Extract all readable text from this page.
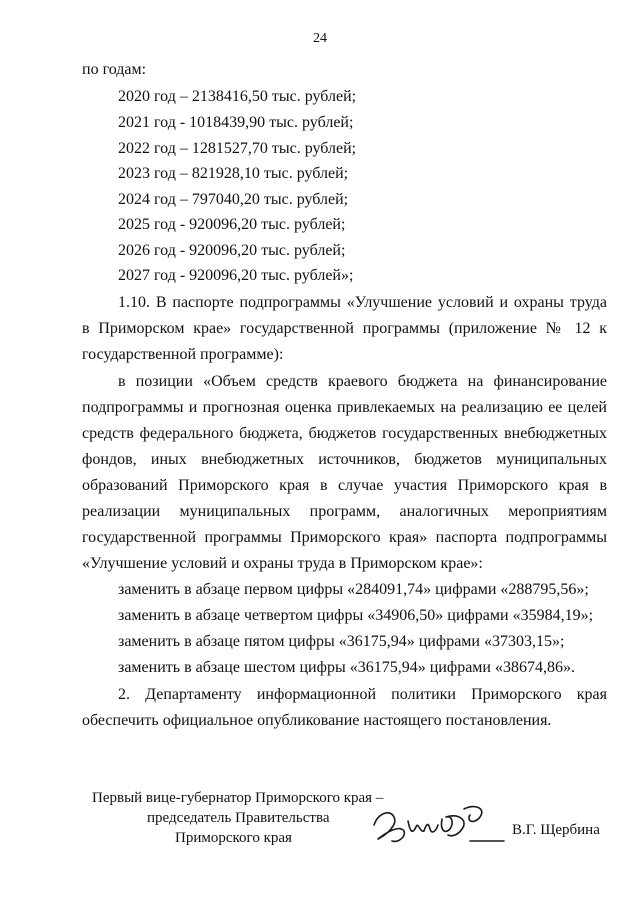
24
по годам:
2020 год – 2138416,50 тыс. рублей;
2021 год - 1018439,90 тыс. рублей;
2022 год – 1281527,70 тыс. рублей;
2023 год – 821928,10 тыс. рублей;
2024 год – 797040,20 тыс. рублей;
2025 год - 920096,20 тыс. рублей;
2026 год - 920096,20 тыс. рублей;
2027 год - 920096,20 тыс. рублей»;
1.10. В паспорте подпрограммы «Улучшение условий и охраны труда
в Приморском крае» государственной программы (приложение № 12 к
государственной программе):
в позиции «Объем средств краевого бюджета на финансирование
подпрограммы и прогнозная оценка привлекаемых на реализацию ее целей
средств федерального бюджета, бюджетов государственных внебюджетных
фондов, иных внебюджетных источников, бюджетов муниципальных
образований Приморского края в случае участия Приморского края в
реализации муниципальных программ, аналогичных мероприятиям
государственной программы Приморского края» паспорта подпрограммы
«Улучшение условий и охраны труда в Приморском крае»:
заменить в абзаце первом цифры «284091,74» цифрами «288795,56»;
заменить в абзаце четвертом цифры «34906,50» цифрами «35984,19»;
заменить в абзаце пятом цифры «36175,94» цифрами «37303,15»;
заменить в абзаце шестом цифры «36175,94» цифрами «38674,86».
2. Департаменту информационной политики Приморского края
обеспечить официальное опубликование настоящего постановления.
Первый вице-губернатор Приморского края –
председатель Правительства
Приморского края	В.Г. Щербина
